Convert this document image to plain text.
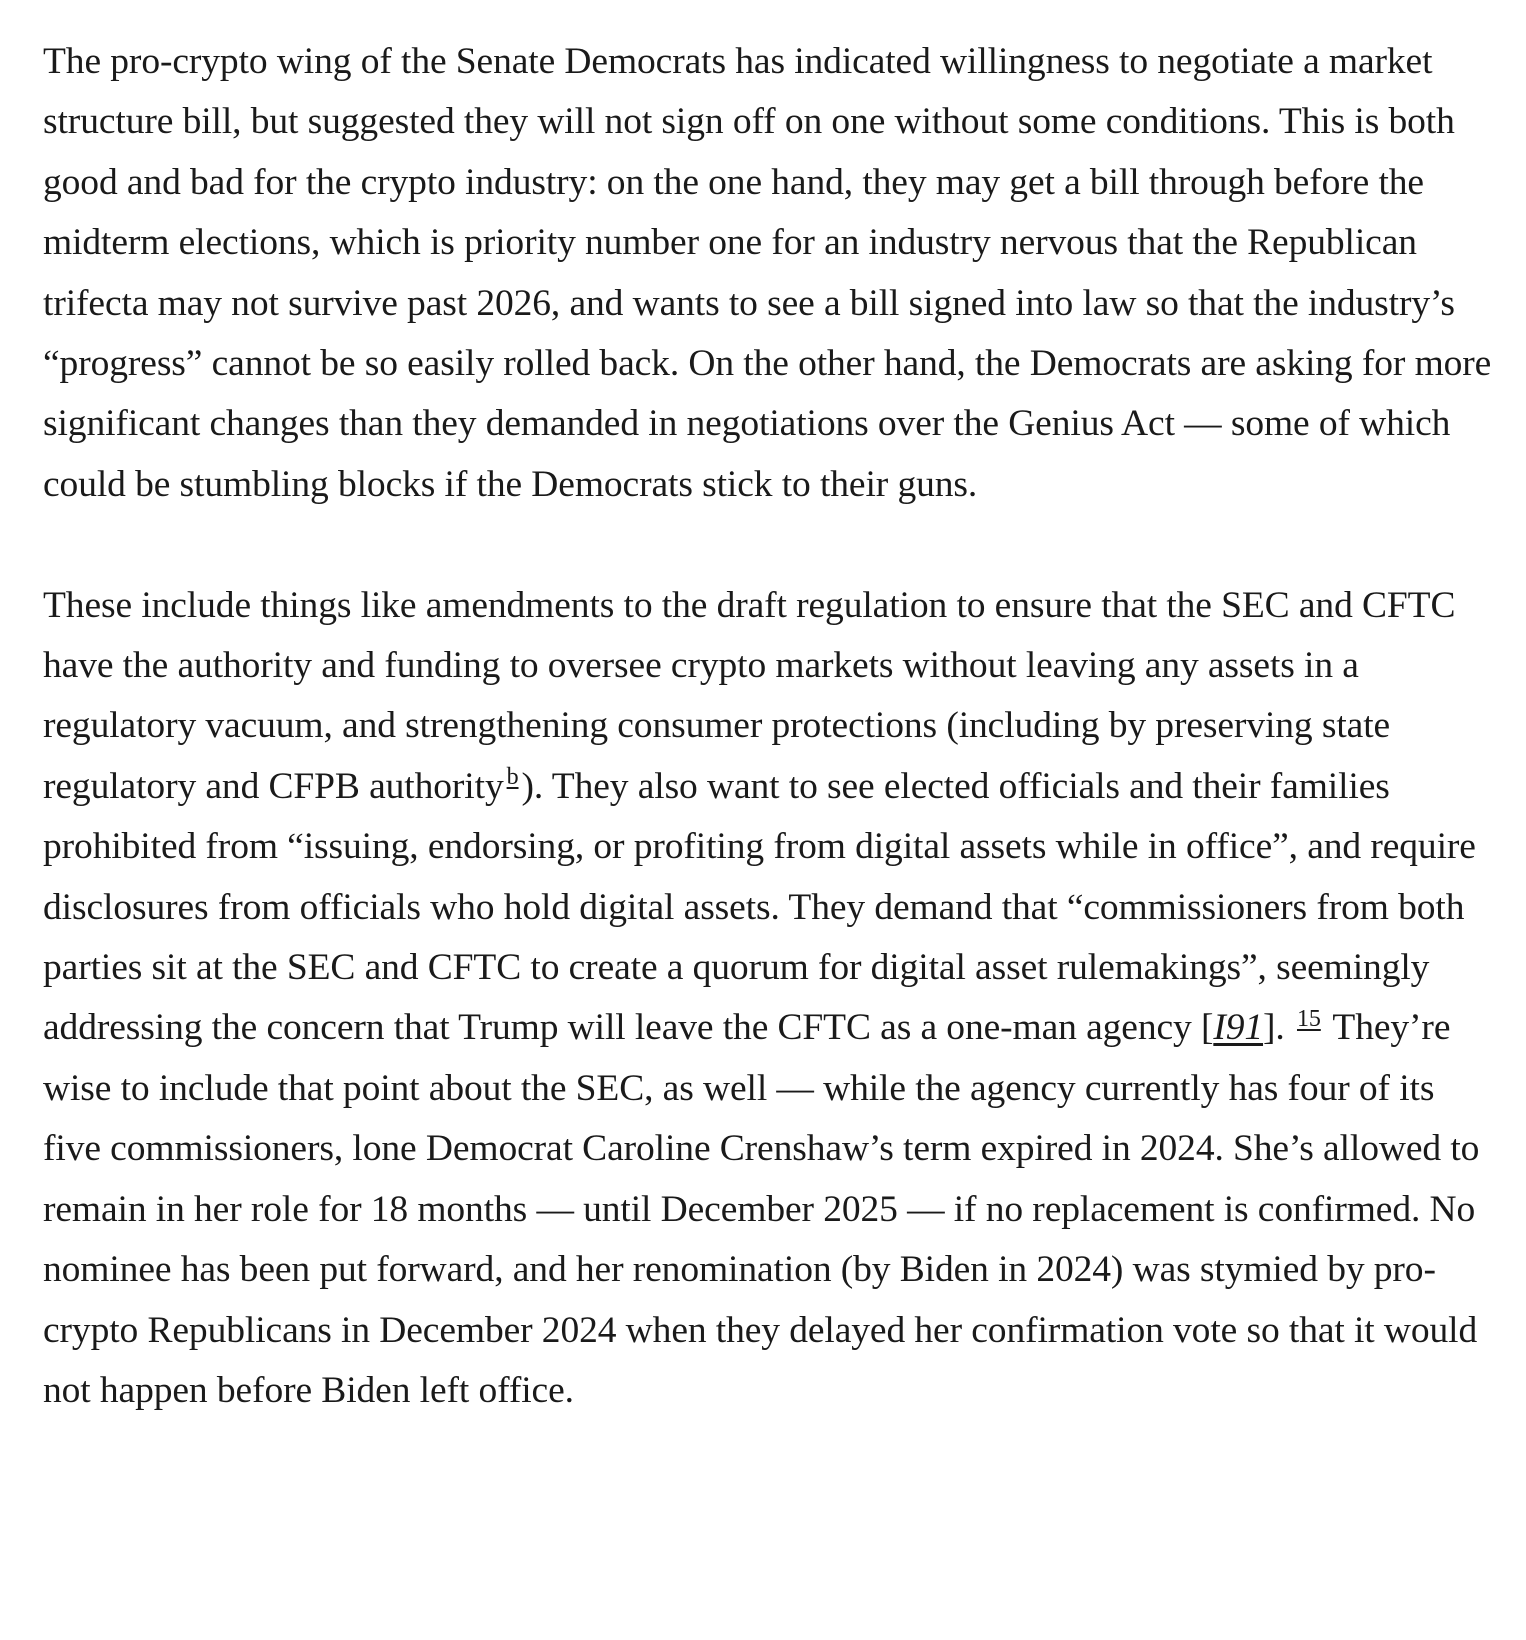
The pro-crypto wing of the Senate Democrats has indicated willingness to negotiate a market structure bill, but suggested they will not sign off on one without some conditions. This is both good and bad for the crypto industry: on the one hand, they may get a bill through before the midterm elections, which is priority number one for an industry nervous that the Republican trifecta may not survive past 2026, and wants to see a bill signed into law so that the industry’s “progress” cannot be so easily rolled back. On the other hand, the Democrats are asking for more significant changes than they demanded in negotiations over the Genius Act — some of which could be stumbling blocks if the Democrats stick to their guns.

These include things like amendments to the draft regulation to ensure that the SEC and CFTC have the authority and funding to oversee crypto markets without leaving any assets in a regulatory vacuum, and strengthening consumer protections (including by preserving state regulatory and CFPB authority $^b$). They also want to see elected officials and their families prohibited from “issuing, endorsing, or profiting from digital assets while in office”, and require disclosures from officials who hold digital assets. They demand that “commissioners from both parties sit at the SEC and CFTC to create a quorum for digital asset rulemakings”, seemingly addressing the concern that Trump will leave the CFTC as a one-man agency [I91]. $^{15}$ They’re wise to include that point about the SEC, as well — while the agency currently has four of its five commissioners, lone Democrat Caroline Crenshaw’s term expired in 2024. She’s allowed to remain in her role for 18 months — until December 2025 — if no replacement is confirmed. No nominee has been put forward, and her renomination (by Biden in 2024) was stymied by pro-crypto Republicans in December 2024 when they delayed her confirmation vote so that it would not happen before Biden left office.
